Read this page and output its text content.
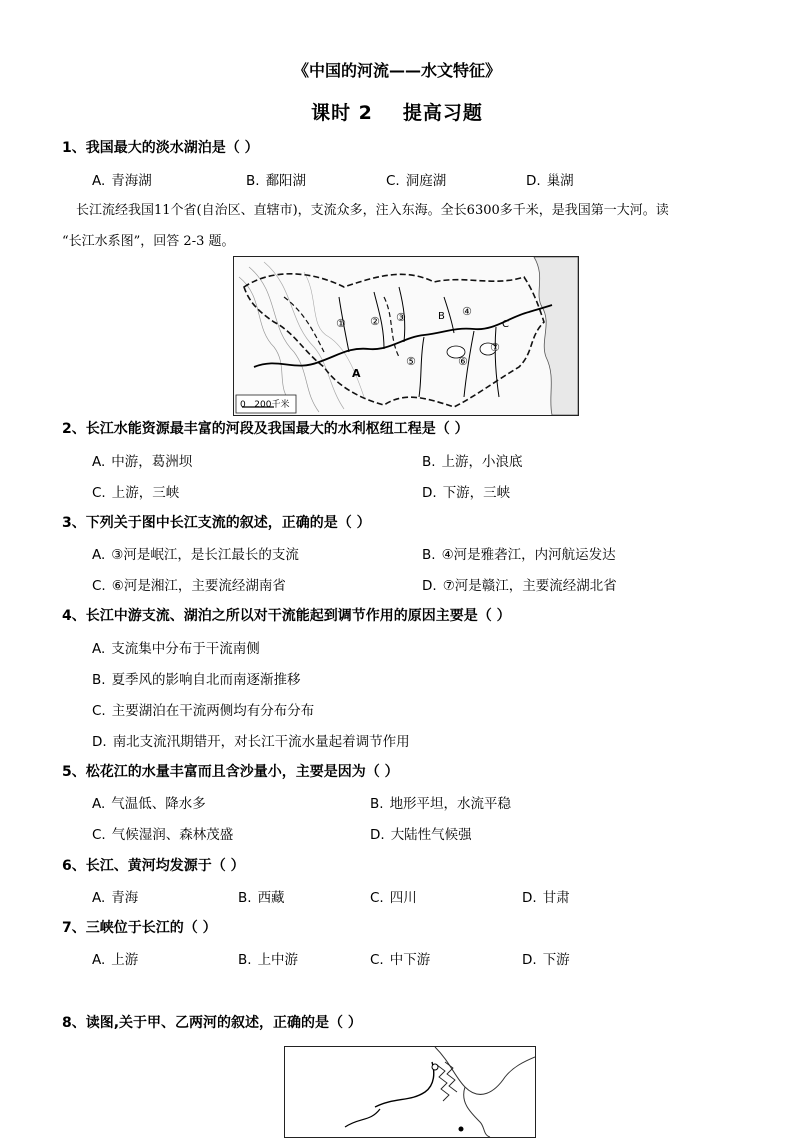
《中国的河流——水文特征》
课时 2 提高习题
1、我国最大的淡水湖泊是（ ）
A. 青海湖	B. 鄱阳湖	C. 洞庭湖	D. 巢湖
长江流经我国11个省(自治区、直辖市)，支流众多，注入东海。全长6300多千米，是我国第一大河。读
“长江水系图”，回答 2-3 题。
① ② ③	④
⑤	⑥
⑦
A
B
C
0   200千米
2、长江水能资源最丰富的河段及我国最大的水利枢纽工程是（ ）
A. 中游，葛洲坝	B. 上游，小浪底
C. 上游，三峡	D. 下游，三峡
3、下列关于图中长江支流的叙述，正确的是（ ）
A. ③河是岷江，是长江最长的支流	B. ④河是雅砻江，内河航运发达
C. ⑥河是湘江，主要流经湖南省	D. ⑦河是赣江，主要流经湖北省
4、长江中游支流、湖泊之所以对干流能起到调节作用的原因主要是（ ）
A. 支流集中分布于干流南侧
B. 夏季风的影响自北而南逐渐推移
C. 主要湖泊在干流两侧均有分布分布
D. 南北支流汛期错开，对长江干流水量起着调节作用
5、松花江的水量丰富而且含沙量小，主要是因为（ ）
A. 气温低、降水多	B. 地形平坦，水流平稳
C. 气候湿润、森林茂盛	D. 大陆性气候强
6、长江、黄河均发源于（ ）
A. 青海	B. 西藏	C. 四川	D. 甘肃
7、三峡位于长江的（ ）
A. 上游	B. 上中游	C. 中下游	D. 下游
8、读图,关于甲、乙两河的叙述，正确的是（ ）
